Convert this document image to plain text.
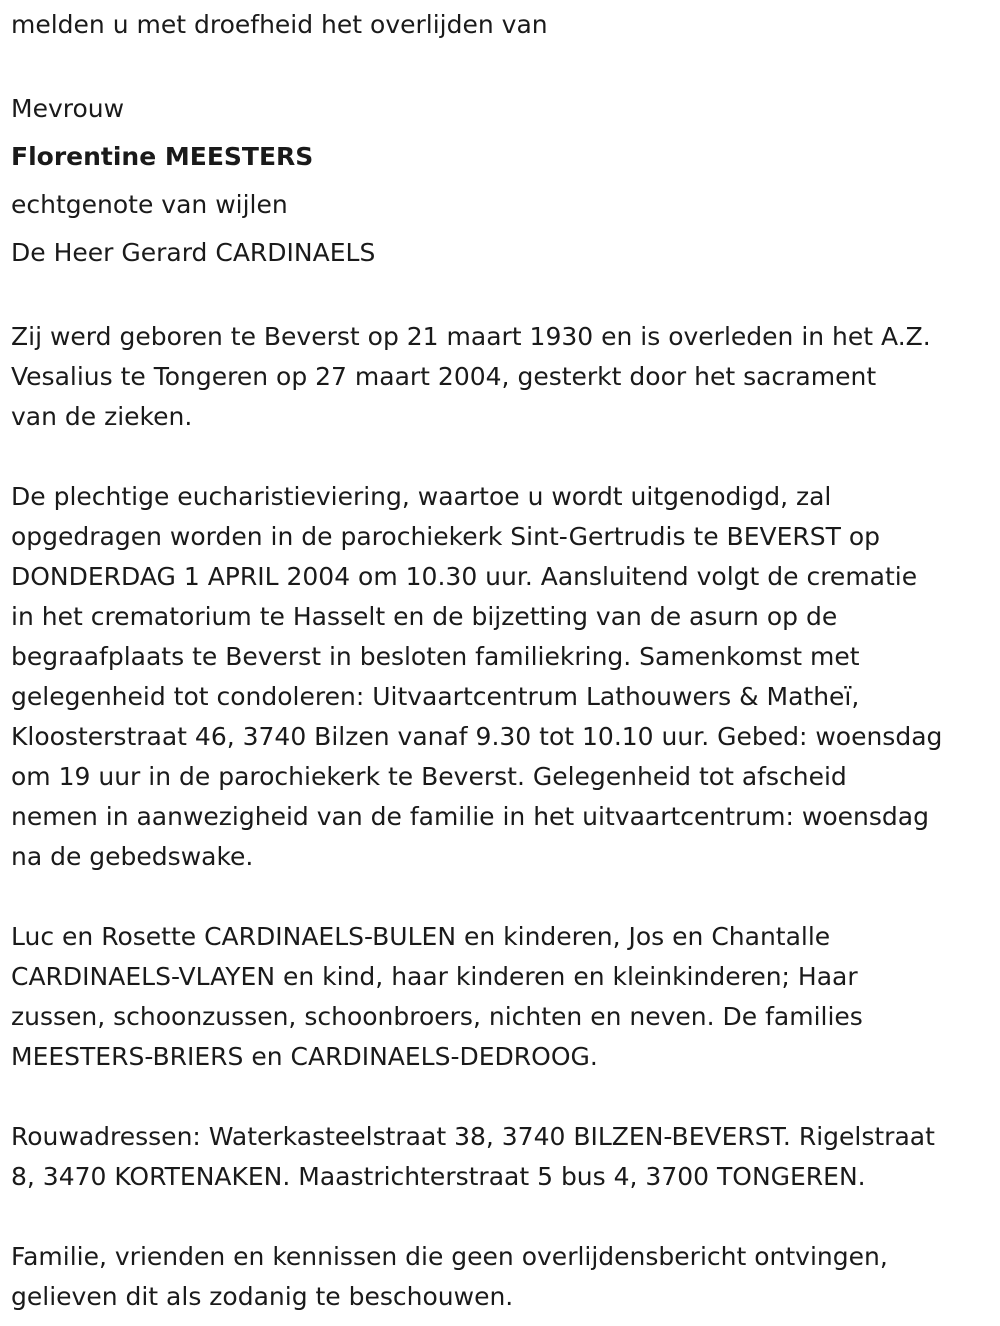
melden u met droefheid het overlijden van

Mevrouw

Florentine MEESTERS

echtgenote van wijlen

De Heer Gerard CARDINAELS

Zij werd geboren te Beverst op 21 maart 1930 en is overleden in het A.Z.
Vesalius te Tongeren op 27 maart 2004, gesterkt door het sacrament
van de zieken.
De plechtige eucharistieviering, waartoe u wordt uitgenodigd, zal
opgedragen worden in de parochiekerk Sint-Gertrudis te BEVERST op
DONDERDAG 1 APRIL 2004 om 10.30 uur. Aansluitend volgt de crematie
in het crematorium te Hasselt en de bijzetting van de asurn op de
begraafplaats te Beverst in besloten familiekring. Samenkomst met
gelegenheid tot condoleren: Uitvaartcentrum Lathouwers & Matheï,
Kloosterstraat 46, 3740 Bilzen vanaf 9.30 tot 10.10 uur. Gebed: woensdag
om 19 uur in de parochiekerk te Beverst. Gelegenheid tot afscheid
nemen in aanwezigheid van de familie in het uitvaartcentrum: woensdag
na de gebedswake.
Luc en Rosette CARDINAELS-BULEN en kinderen, Jos en Chantalle
CARDINAELS-VLAYEN en kind, haar kinderen en kleinkinderen; Haar
zussen, schoonzussen, schoonbroers, nichten en neven. De families
MEESTERS-BRIERS en CARDINAELS-DEDROOG.
Rouwadressen: Waterkasteelstraat 38, 3740 BILZEN-BEVERST. Rigelstraat
8, 3470 KORTENAKEN. Maastrichterstraat 5 bus 4, 3700 TONGEREN.
Familie, vrienden en kennissen die geen overlijdensbericht ontvingen,
gelieven dit als zodanig te beschouwen.
